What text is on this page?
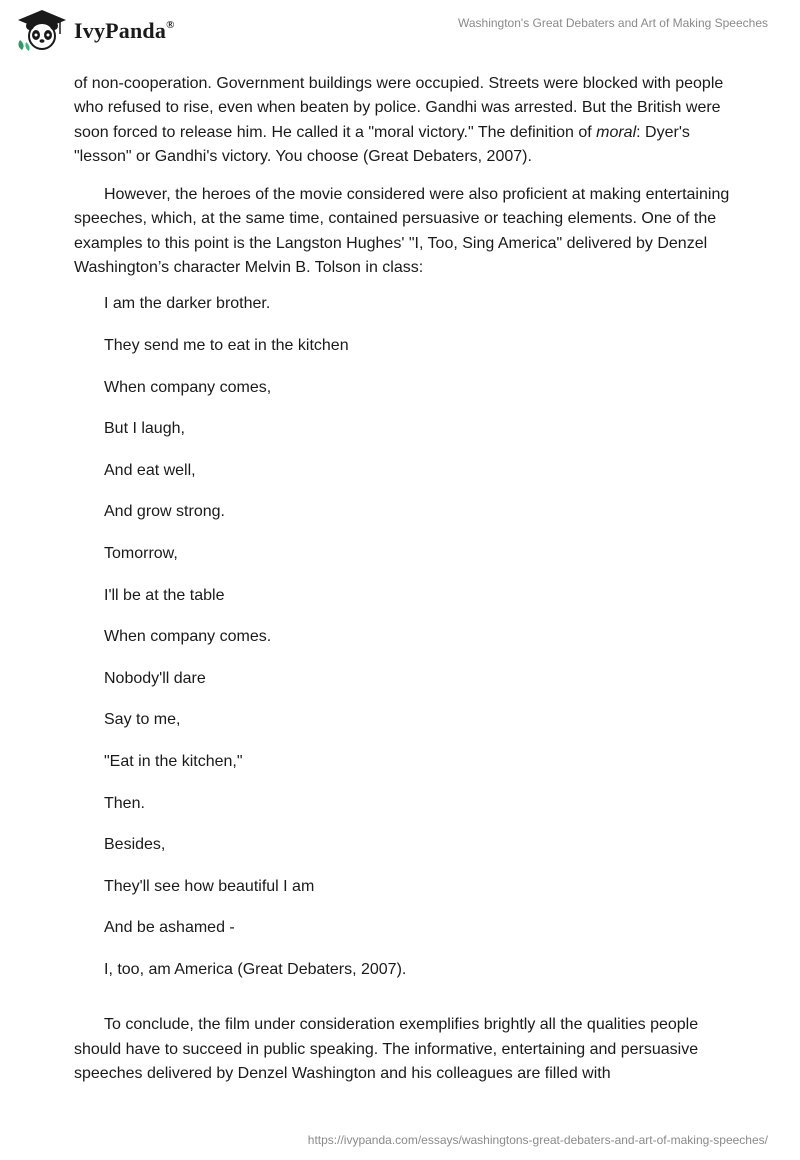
IvyPanda®	Washington's Great Debaters and Art of Making Speeches

of non-cooperation. Government buildings were occupied. Streets were blocked with people who refused to rise, even when beaten by police. Gandhi was arrested. But the British were soon forced to release him. He called it a "moral victory." The definition of moral: Dyer's "lesson" or Gandhi's victory. You choose (Great Debaters, 2007).

However, the heroes of the movie considered were also proficient at making entertaining speeches, which, at the same time, contained persuasive or teaching elements. One of the examples to this point is the Langston Hughes' "I, Too, Sing America" delivered by Denzel Washington’s character Melvin B. Tolson in class:

I am the darker brother.

They send me to eat in the kitchen

When company comes,

But I laugh,

And eat well,

And grow strong.

Tomorrow,

I'll be at the table

When company comes.

Nobody'll dare

Say to me,

"Eat in the kitchen,"

Then.

Besides,

They'll see how beautiful I am

And be ashamed -

I, too, am America (Great Debaters, 2007).

To conclude, the film under consideration exemplifies brightly all the qualities people should have to succeed in public speaking. The informative, entertaining and persuasive speeches delivered by Denzel Washington and his colleagues are filled with

https://ivypanda.com/essays/washingtons-great-debaters-and-art-of-making-speeches/
